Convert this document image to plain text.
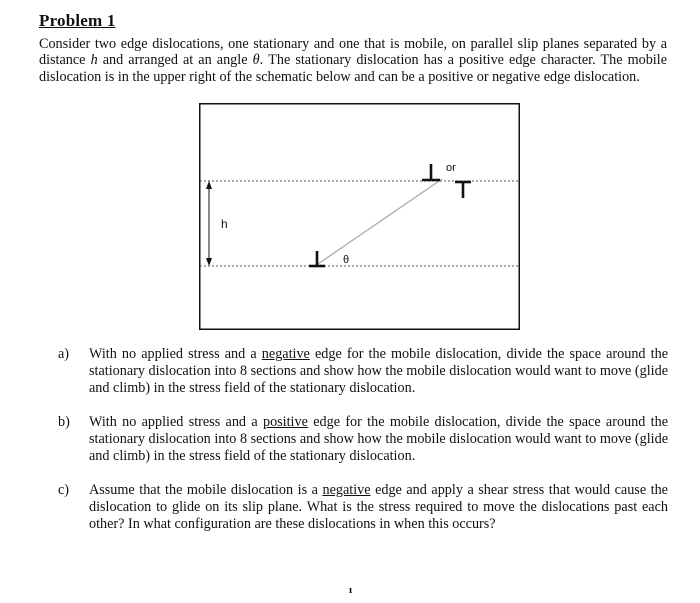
Problem 1
Consider two edge dislocations, one stationary and one that is mobile, on parallel slip planes separated by a distance h and arranged at an angle θ. The stationary dislocation has a positive edge character. The mobile dislocation is in the upper right of the schematic below and can be a positive or negative edge dislocation.
h
θ
or
a)	With no applied stress and a negative edge for the mobile dislocation, divide the space around the stationary dislocation into 8 sections and show how the mobile dislocation would want to move (glide and climb) in the stress field of the stationary dislocation.
b)	With no applied stress and a positive edge for the mobile dislocation, divide the space around the stationary dislocation into 8 sections and show how the mobile dislocation would want to move (glide and climb) in the stress field of the stationary dislocation.
c)	Assume that the mobile dislocation is a negative edge and apply a shear stress that would cause the dislocation to glide on its slip plane. What is the stress required to move the dislocations past each other? In what configuration are these dislocations in when this occurs?
ı
